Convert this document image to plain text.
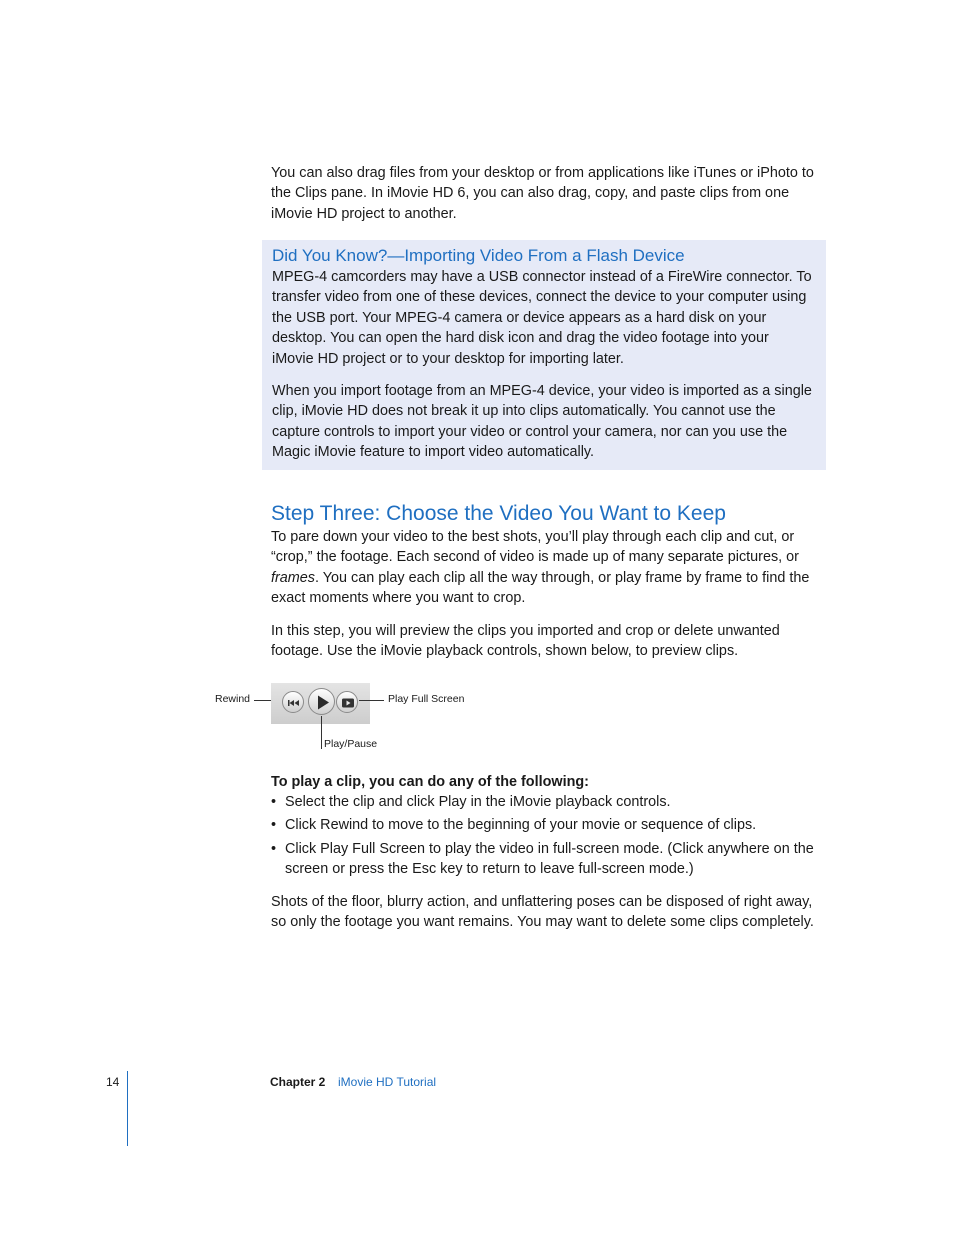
You can also drag files from your desktop or from applications like iTunes or iPhoto to the Clips pane. In iMovie HD 6, you can also drag, copy, and paste clips from one iMovie HD project to another.

Did You Know?—Importing Video From a Flash Device

MPEG-4 camcorders may have a USB connector instead of a FireWire connector. To transfer video from one of these devices, connect the device to your computer using the USB port. Your MPEG-4 camera or device appears as a hard disk on your desktop. You can open the hard disk icon and drag the video footage into your iMovie HD project or to your desktop for importing later.

When you import footage from an MPEG-4 device, your video is imported as a single clip, iMovie HD does not break it up into clips automatically. You cannot use the capture controls to import your video or control your camera, nor can you use the Magic iMovie feature to import video automatically.

Step Three: Choose the Video You Want to Keep

To pare down your video to the best shots, you’ll play through each clip and cut, or “crop,” the footage. Each second of video is made up of many separate pictures, or frames. You can play each clip all the way through, or play frame by frame to find the exact moments where you want to crop.

In this step, you will preview the clips you imported and crop or delete unwanted footage. Use the iMovie playback controls, shown below, to preview clips.

Rewind	Play Full Screen
Play/Pause

To play a clip, you can do any of the following:

• Select the clip and click Play in the iMovie playback controls.
• Click Rewind to move to the beginning of your movie or sequence of clips.
• Click Play Full Screen to play the video in full-screen mode. (Click anywhere on the screen or press the Esc key to return to leave full-screen mode.)

Shots of the floor, blurry action, and unflattering poses can be disposed of right away, so only the footage you want remains. You may want to delete some clips completely.

14	Chapter 2 iMovie HD Tutorial
